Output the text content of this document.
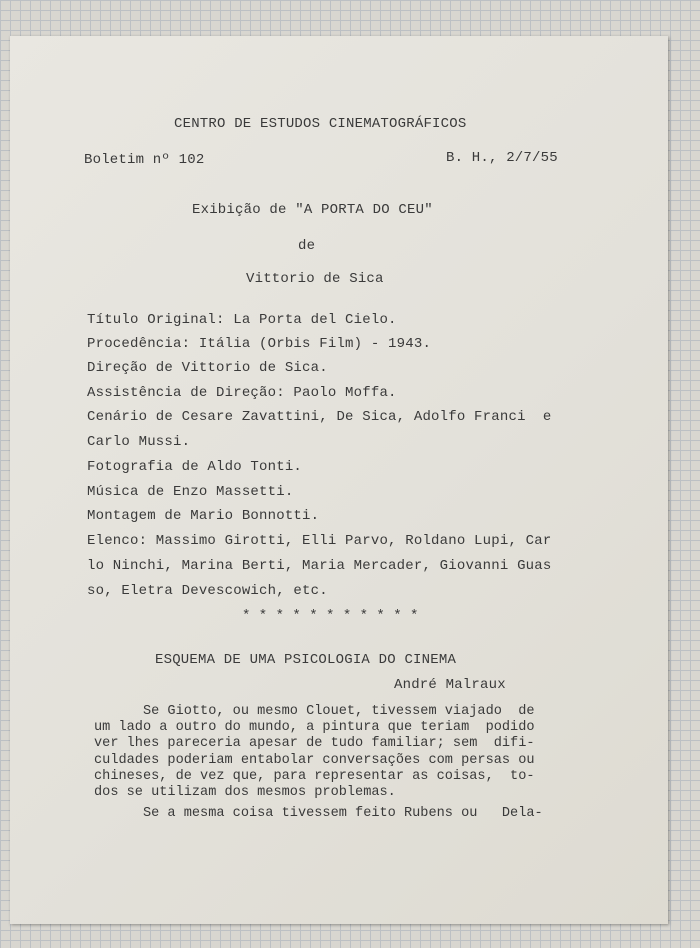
CENTRO DE ESTUDOS CINEMATOGRÁFICOS
Boletim nº 102	B. H., 2/7/55
Exibição de "A PORTA DO CEU"
de
Vittorio de Sica
Título Original: La Porta del Cielo.
Procedência: Itália (Orbis Film) - 1943.
Direção de Vittorio de Sica.
Assistência de Direção: Paolo Moffa.
Cenário de Cesare Zavattini, De Sica, Adolfo Franci  e
Carlo Mussi.
Fotografia de Aldo Tonti.
Música de Enzo Massetti.
Montagem de Mario Bonnotti.
Elenco: Massimo Girotti, Elli Parvo, Roldano Lupi, Car
lo Ninchi, Marina Berti, Maria Mercader, Giovanni Guas
so, Eletra Devescowich, etc.
* * * * * * * * * * *
ESQUEMA DE UMA PSICOLOGIA DO CINEMA
André Malraux
Se Giotto, ou mesmo Clouet, tivessem viajado  de
um lado a outro do mundo, a pintura que teriam  podido
ver lhes pareceria apesar de tudo familiar; sem  difi-
culdades poderiam entabolar conversações com persas ou
chineses, de vez que, para representar as coisas,  to-
dos se utilizam dos mesmos problemas.
Se a mesma coisa tivessem feito Rubens ou   Dela-
